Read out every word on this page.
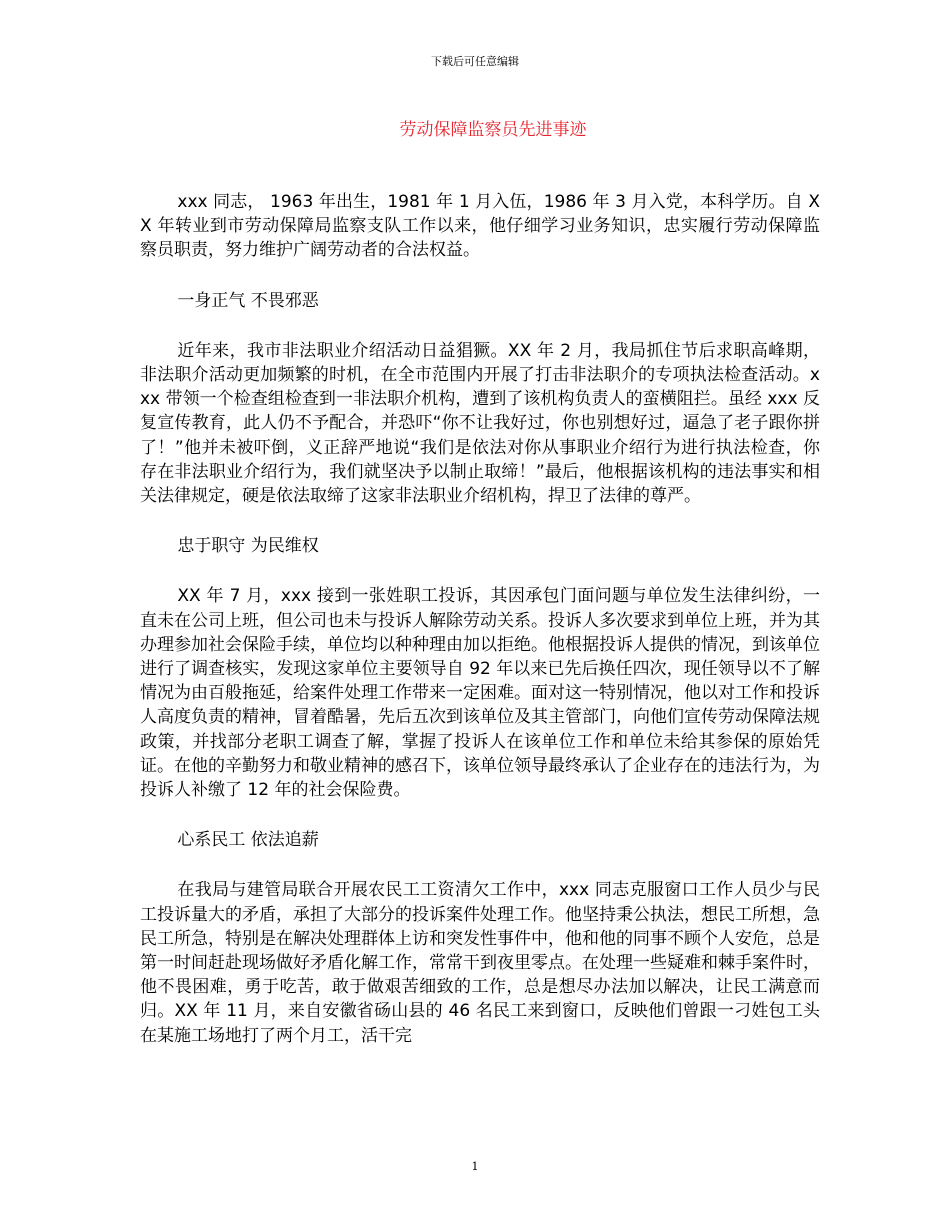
下载后可任意编辑
劳动保障监察员先进事迹

xxx 同志， 1963 年出生，1981 年 1 月入伍，1986 年 3 月入党，本科学历。自 XX 年转业到市劳动保障局监察支队工作以来，他仔细学习业务知识，忠实履行劳动保障监察员职责，努力维护广阔劳动者的合法权益。

一身正气 不畏邪恶

近年来，我市非法职业介绍活动日益猖獗。XX 年 2 月，我局抓住节后求职高峰期，非法职介活动更加频繁的时机，在全市范围内开展了打击非法职介的专项执法检查活动。xxx 带领一个检查组检查到一非法职介机构，遭到了该机构负责人的蛮横阻拦。虽经 xxx 反复宣传教育，此人仍不予配合，并恐吓“你不让我好过，你也别想好过，逼急了老子跟你拼了！”他并未被吓倒，义正辞严地说“我们是依法对你从事职业介绍行为进行执法检查，你存在非法职业介绍行为，我们就坚决予以制止取缔！”最后，他根据该机构的违法事实和相关法律规定，硬是依法取缔了这家非法职业介绍机构，捍卫了法律的尊严。

忠于职守 为民维权

XX 年 7 月，xxx 接到一张姓职工投诉，其因承包门面问题与单位发生法律纠纷，一直未在公司上班，但公司也未与投诉人解除劳动关系。投诉人多次要求到单位上班，并为其办理参加社会保险手续，单位均以种种理由加以拒绝。他根据投诉人提供的情况，到该单位进行了调查核实，发现这家单位主要领导自 92 年以来已先后换任四次，现任领导以不了解情况为由百般拖延，给案件处理工作带来一定困难。面对这一特别情况，他以对工作和投诉人高度负责的精神，冒着酷暑，先后五次到该单位及其主管部门，向他们宣传劳动保障法规政策，并找部分老职工调查了解，掌握了投诉人在该单位工作和单位未给其参保的原始凭证。在他的辛勤努力和敬业精神的感召下，该单位领导最终承认了企业存在的违法行为，为投诉人补缴了 12 年的社会保险费。

心系民工 依法追薪

在我局与建管局联合开展农民工工资清欠工作中，xxx 同志克服窗口工作人员少与民工投诉量大的矛盾，承担了大部分的投诉案件处理工作。他坚持秉公执法，想民工所想，急民工所急，特别是在解决处理群体上访和突发性事件中，他和他的同事不顾个人安危，总是第一时间赶赴现场做好矛盾化解工作，常常干到夜里零点。在处理一些疑难和棘手案件时，他不畏困难，勇于吃苦，敢于做艰苦细致的工作，总是想尽办法加以解决，让民工满意而归。XX 年 11 月，来自安徽省砀山县的 46 名民工来到窗口，反映他们曾跟一刁姓包工头在某施工场地打了两个月工，活干完

1
